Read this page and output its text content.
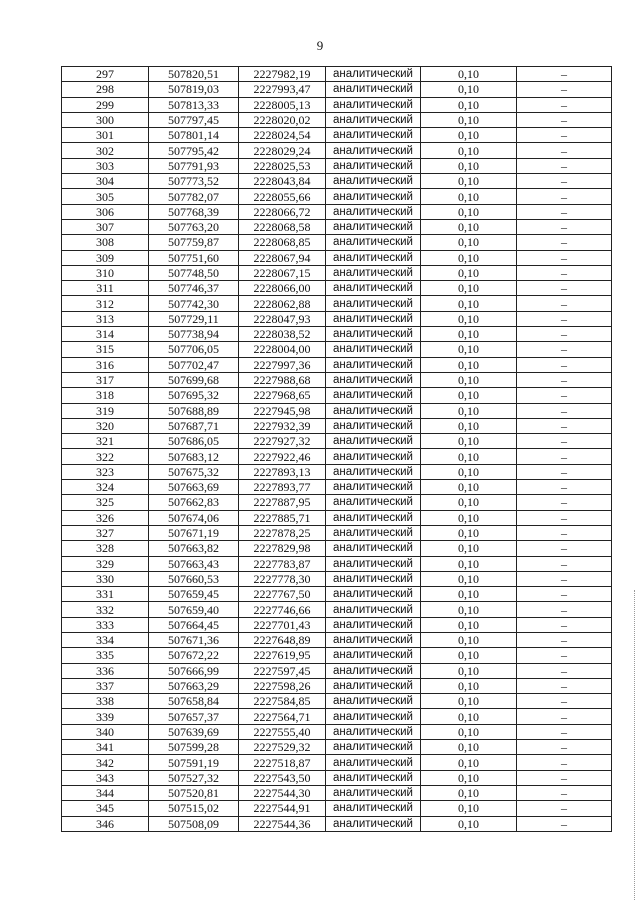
9
297	507820,51	2227982,19	аналитический	0,10	–
298	507819,03	2227993,47	аналитический	0,10	–
299	507813,33	2228005,13	аналитический	0,10	–
300	507797,45	2228020,02	аналитический	0,10	–
301	507801,14	2228024,54	аналитический	0,10	–
302	507795,42	2228029,24	аналитический	0,10	–
303	507791,93	2228025,53	аналитический	0,10	–
304	507773,52	2228043,84	аналитический	0,10	–
305	507782,07	2228055,66	аналитический	0,10	–
306	507768,39	2228066,72	аналитический	0,10	–
307	507763,20	2228068,58	аналитический	0,10	–
308	507759,87	2228068,85	аналитический	0,10	–
309	507751,60	2228067,94	аналитический	0,10	–
310	507748,50	2228067,15	аналитический	0,10	–
311	507746,37	2228066,00	аналитический	0,10	–
312	507742,30	2228062,88	аналитический	0,10	–
313	507729,11	2228047,93	аналитический	0,10	–
314	507738,94	2228038,52	аналитический	0,10	–
315	507706,05	2228004,00	аналитический	0,10	–
316	507702,47	2227997,36	аналитический	0,10	–
317	507699,68	2227988,68	аналитический	0,10	–
318	507695,32	2227968,65	аналитический	0,10	–
319	507688,89	2227945,98	аналитический	0,10	–
320	507687,71	2227932,39	аналитический	0,10	–
321	507686,05	2227927,32	аналитический	0,10	–
322	507683,12	2227922,46	аналитический	0,10	–
323	507675,32	2227893,13	аналитический	0,10	–
324	507663,69	2227893,77	аналитический	0,10	–
325	507662,83	2227887,95	аналитический	0,10	–
326	507674,06	2227885,71	аналитический	0,10	–
327	507671,19	2227878,25	аналитический	0,10	–
328	507663,82	2227829,98	аналитический	0,10	–
329	507663,43	2227783,87	аналитический	0,10	–
330	507660,53	2227778,30	аналитический	0,10	–
331	507659,45	2227767,50	аналитический	0,10	–
332	507659,40	2227746,66	аналитический	0,10	–
333	507664,45	2227701,43	аналитический	0,10	–
334	507671,36	2227648,89	аналитический	0,10	–
335	507672,22	2227619,95	аналитический	0,10	–
336	507666,99	2227597,45	аналитический	0,10	–
337	507663,29	2227598,26	аналитический	0,10	–
338	507658,84	2227584,85	аналитический	0,10	–
339	507657,37	2227564,71	аналитический	0,10	–
340	507639,69	2227555,40	аналитический	0,10	–
341	507599,28	2227529,32	аналитический	0,10	–
342	507591,19	2227518,87	аналитический	0,10	–
343	507527,32	2227543,50	аналитический	0,10	–
344	507520,81	2227544,30	аналитический	0,10	–
345	507515,02	2227544,91	аналитический	0,10	–
346	507508,09	2227544,36	аналитический	0,10	–
